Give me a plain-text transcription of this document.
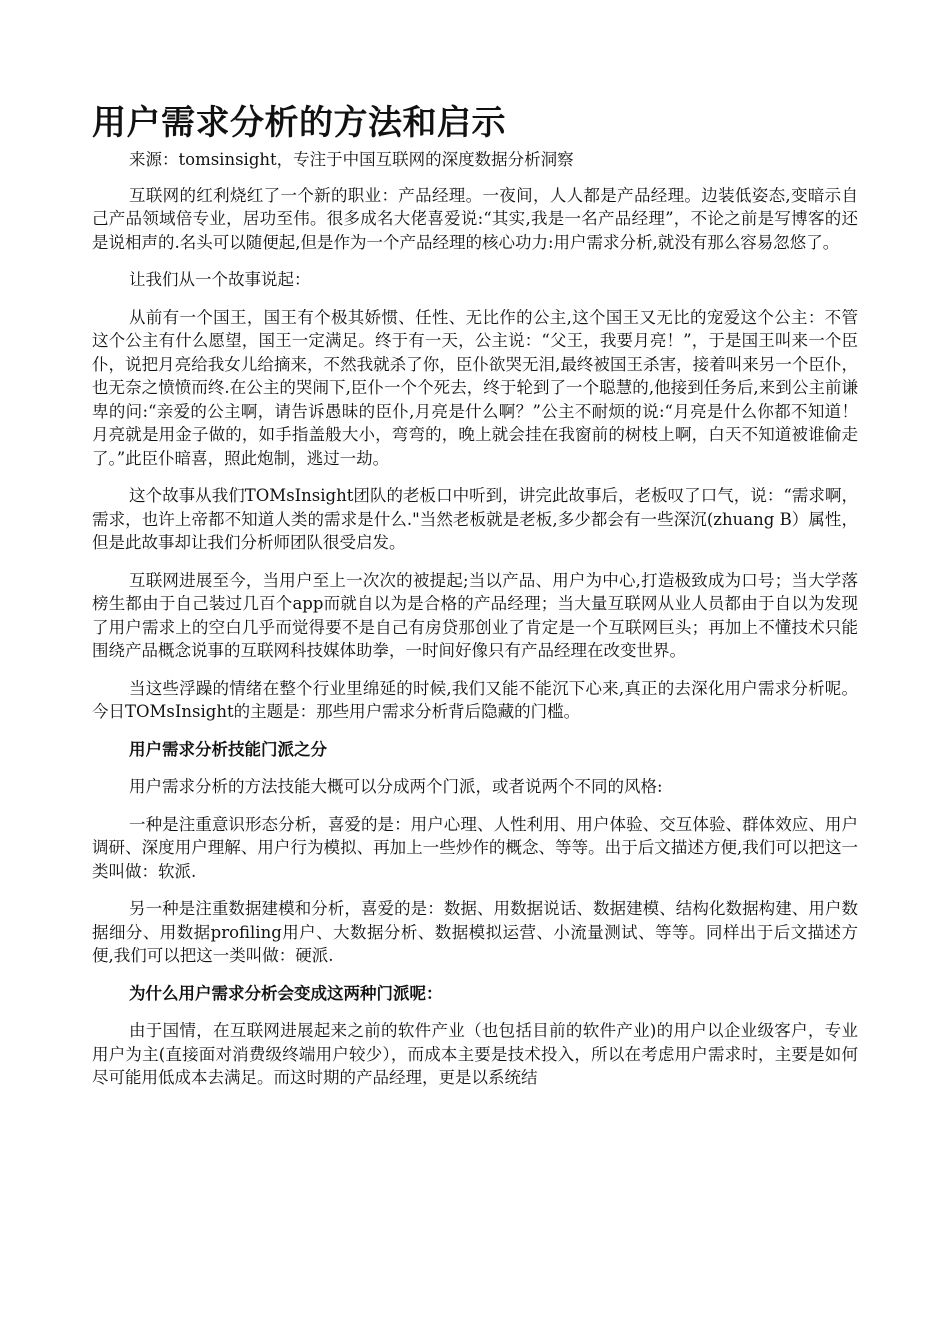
用户需求分析的方法和启示

来源：tomsinsight，专注于中国互联网的深度数据分析洞察

互联网的红利烧红了一个新的职业：产品经理。一夜间，人人都是产品经理。边装低姿态,变暗示自己产品领域倍专业，居功至伟。很多成名大佬喜爱说:“其实,我是一名产品经理”，不论之前是写博客的还是说相声的.名头可以随便起,但是作为一个产品经理的核心功力:用户需求分析,就没有那么容易忽悠了。

让我们从一个故事说起：

从前有一个国王，国王有个极其娇惯、任性、无比作的公主,这个国王又无比的宠爱这个公主：不管这个公主有什么愿望，国王一定满足。终于有一天，公主说：“父王，我要月亮！”，于是国王叫来一个臣仆，说把月亮给我女儿给摘来，不然我就杀了你，臣仆欲哭无泪,最终被国王杀害，接着叫来另一个臣仆，也无奈之愤愤而终.在公主的哭闹下,臣仆一个个死去，终于轮到了一个聪慧的,他接到任务后,来到公主前谦卑的问:“亲爱的公主啊，请告诉愚昧的臣仆,月亮是什么啊？”公主不耐烦的说:“月亮是什么你都不知道！月亮就是用金子做的，如手指盖般大小，弯弯的，晚上就会挂在我窗前的树枝上啊，白天不知道被谁偷走了。”此臣仆暗喜，照此炮制，逃过一劫。

这个故事从我们TOMsInsight团队的老板口中听到，讲完此故事后，老板叹了口气，说：“需求啊，需求，也许上帝都不知道人类的需求是什么."当然老板就是老板,多少都会有一些深沉(zhuang B）属性，但是此故事却让我们分析师团队很受启发。

互联网进展至今，当用户至上一次次的被提起;当以产品、用户为中心,打造极致成为口号；当大学落榜生都由于自己装过几百个app而就自以为是合格的产品经理；当大量互联网从业人员都由于自以为发现了用户需求上的空白几乎而觉得要不是自己有房贷那创业了肯定是一个互联网巨头；再加上不懂技术只能围绕产品概念说事的互联网科技媒体助拳，一时间好像只有产品经理在改变世界。

当这些浮躁的情绪在整个行业里绵延的时候,我们又能不能沉下心来,真正的去深化用户需求分析呢。今日TOMsInsight的主题是：那些用户需求分析背后隐藏的门槛。

用户需求分析技能门派之分

用户需求分析的方法技能大概可以分成两个门派，或者说两个不同的风格:

一种是注重意识形态分析，喜爱的是：用户心理、人性利用、用户体验、交互体验、群体效应、用户调研、深度用户理解、用户行为模拟、再加上一些炒作的概念、等等。出于后文描述方便,我们可以把这一类叫做：软派.

另一种是注重数据建模和分析，喜爱的是：数据、用数据说话、数据建模、结构化数据构建、用户数据细分、用数据profiling用户、大数据分析、数据模拟运营、小流量测试、等等。同样出于后文描述方便,我们可以把这一类叫做：硬派.

为什么用户需求分析会变成这两种门派呢：

由于国情，在互联网进展起来之前的软件产业（也包括目前的软件产业)的用户以企业级客户，专业用户为主(直接面对消费级终端用户较少），而成本主要是技术投入，所以在考虑用户需求时，主要是如何尽可能用低成本去满足。而这时期的产品经理，更是以系统结
